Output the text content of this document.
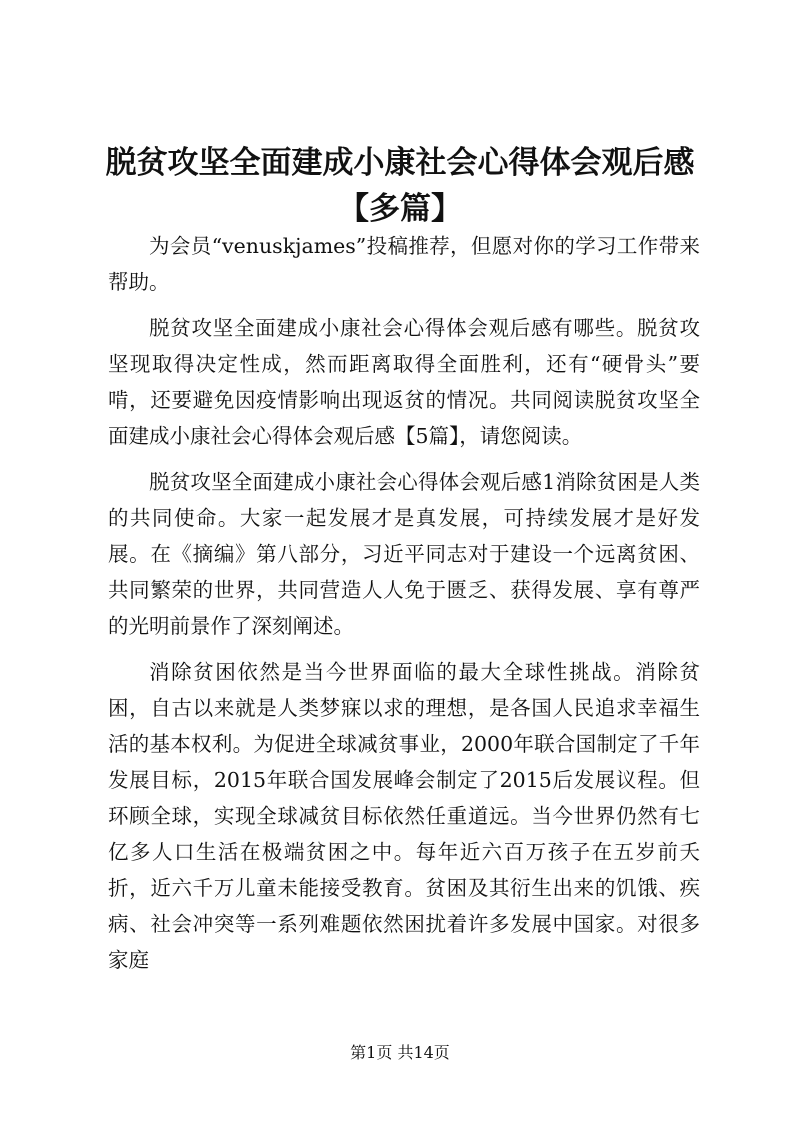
脱贫攻坚全面建成小康社会心得体会观后感
【多篇】

为会员“venuskjames”投稿推荐，但愿对你的学习工作带来帮助。

脱贫攻坚全面建成小康社会心得体会观后感有哪些。脱贫攻坚现取得决定性成，然而距离取得全面胜利，还有“硬骨头”要啃，还要避免因疫情影响出现返贫的情况。共同阅读脱贫攻坚全面建成小康社会心得体会观后感【5篇】，请您阅读。

脱贫攻坚全面建成小康社会心得体会观后感1消除贫困是人类的共同使命。大家一起发展才是真发展，可持续发展才是好发展。在《摘编》第八部分，习近平同志对于建设一个远离贫困、共同繁荣的世界，共同营造人人免于匮乏、获得发展、享有尊严的光明前景作了深刻阐述。

消除贫困依然是当今世界面临的最大全球性挑战。消除贫困，自古以来就是人类梦寐以求的理想，是各国人民追求幸福生活的基本权利。为促进全球减贫事业，2000年联合国制定了千年发展目标，2015年联合国发展峰会制定了2015后发展议程。但环顾全球，实现全球减贫目标依然任重道远。当今世界仍然有七亿多人口生活在极端贫困之中。每年近六百万孩子在五岁前夭折，近六千万儿童未能接受教育。贫困及其衍生出来的饥饿、疾病、社会冲突等一系列难题依然困扰着许多发展中国家。对很多家庭

第1页 共14页
